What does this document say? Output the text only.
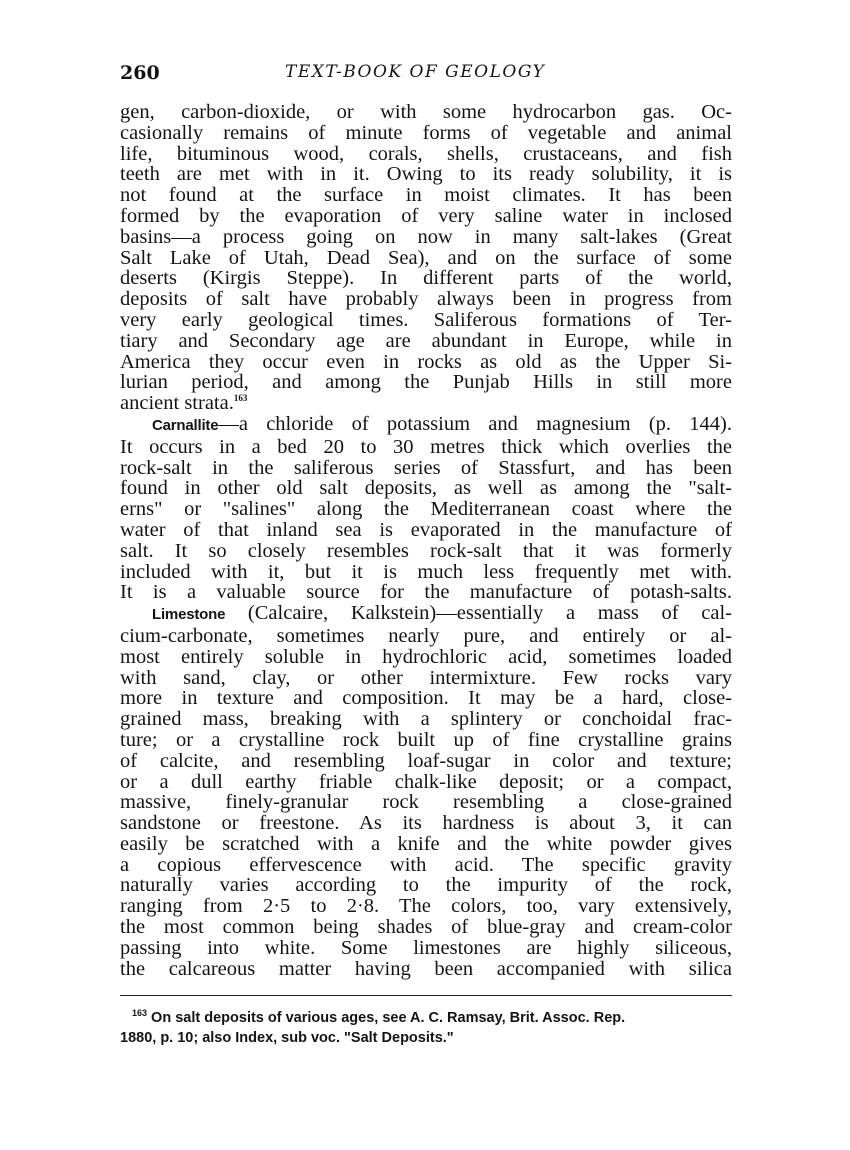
260	TEXT-BOOK OF GEOLOGY
gen, carbon-dioxide, or with some hydrocarbon gas. Oc-
casionally remains of minute forms of vegetable and animal
life, bituminous wood, corals, shells, crustaceans, and fish
teeth are met with in it. Owing to its ready solubility, it is
not found at the surface in moist climates. It has been
formed by the evaporation of very saline water in inclosed
basins—a process going on now in many salt-lakes (Great
Salt Lake of Utah, Dead Sea), and on the surface of some
deserts (Kirgis Steppe). In different parts of the world,
deposits of salt have probably always been in progress from
very early geological times. Saliferous formations of Ter-
tiary and Secondary age are abundant in Europe, while in
America they occur even in rocks as old as the Upper Si-
lurian period, and among the Punjab Hills in still more
ancient strata.$^{163}$
Carnallite—a chloride of potassium and magnesium (p. 144).
It occurs in a bed 20 to 30 metres thick which overlies the
rock-salt in the saliferous series of Stassfurt, and has been
found in other old salt deposits, as well as among the "salt-
erns" or "salines" along the Mediterranean coast where the
water of that inland sea is evaporated in the manufacture of
salt. It so closely resembles rock-salt that it was formerly
included with it, but it is much less frequently met with.
It is a valuable source for the manufacture of potash-salts.
Limestone (Calcaire, Kalkstein)—essentially a mass of cal-
cium-carbonate, sometimes nearly pure, and entirely or al-
most entirely soluble in hydrochloric acid, sometimes loaded
with sand, clay, or other intermixture. Few rocks vary
more in texture and composition. It may be a hard, close-
grained mass, breaking with a splintery or conchoidal frac-
ture; or a crystalline rock built up of fine crystalline grains
of calcite, and resembling loaf-sugar in color and texture;
or a dull earthy friable chalk-like deposit; or a compact,
massive, finely-granular rock resembling a close-grained
sandstone or freestone. As its hardness is about 3, it can
easily be scratched with a knife and the white powder gives
a copious effervescence with acid. The specific gravity
naturally varies according to the impurity of the rock,
ranging from 2·5 to 2·8. The colors, too, vary extensively,
the most common being shades of blue-gray and cream-color
passing into white. Some limestones are highly siliceous,
the calcareous matter having been accompanied with silica
$^{163}$ On salt deposits of various ages, see A. C. Ramsay, Brit. Assoc. Rep.
1880, p. 10; also Index, sub voc. "Salt Deposits."
